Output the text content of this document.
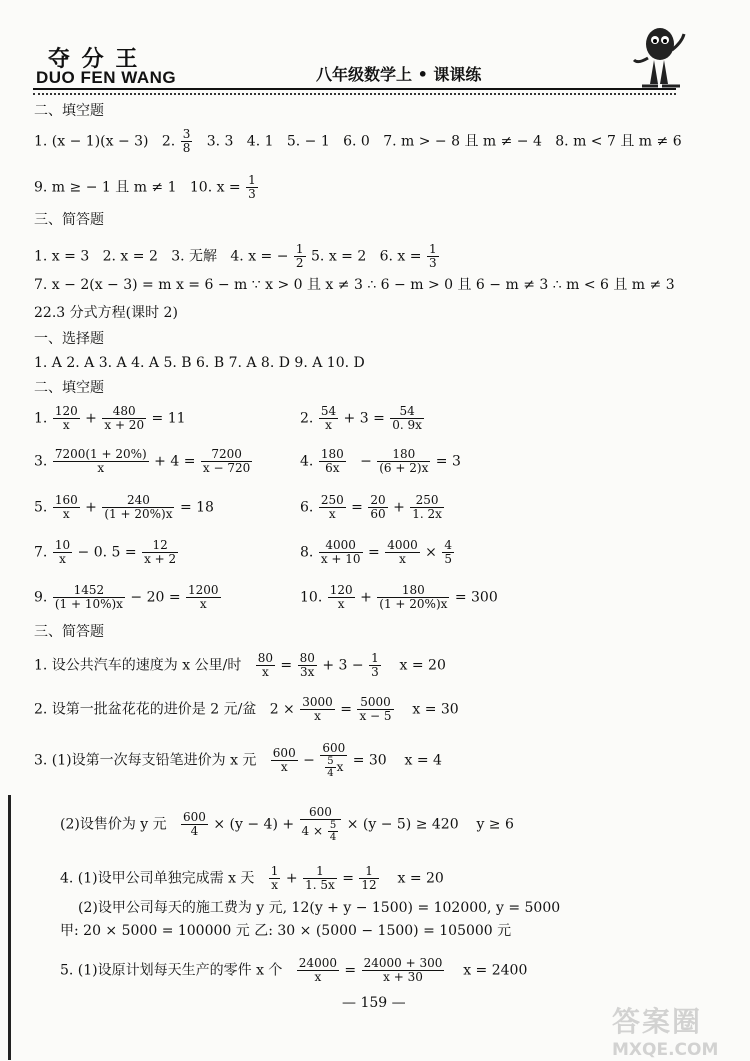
夺 分 王
DUO FEN WANG	八年级数学上 • 课课练
二、填空题
1. (x − 1)(x − 3) 2. $\frac{3}{8} 3$. 3 4. 1 5. − 1 6. 0 7. m > − 8 且 m ≠ − 4 8. m < 7 且 m ≠ 6
9. m ≥ − 1 且 m ≠ 1 10. $x = \frac{1}{3}$
三、简答题
1. x = 3 2. x = 2 3. 无解 4. x = − $\frac{1}{2} 5$. x = 2 6. $x = \frac{1}{3}$
7. x − 2(x − 3) = m x = 6 − m ∵ x > 0 且 x ≠ 3 ∴ 6 − m > 0 且 6 − m ≠ 3 ∴ m < 6 且 m ≠ 3
22.3 分式方程(课时 2)
一、选择题
1. A 2. A 3. A 4. A 5. B 6. B 7. A 8. D 9. A 10. D
二、填空题
1. $\frac{120}{x} + \frac{480}{x + 20} = 11$	2. $\frac{54}{x} + 3 = \frac{54}{0. 9x}$
3. $\frac{7200(1 + 20\%)}{x} + 4 = \frac{7200}{x - 720}$	4. $\frac{180}{6x} - \frac{180}{(6 + 2)x} = 3$
5. $\frac{160}{x} + \frac{240}{(1 + 20\%)x} = 18$	6. $\frac{250}{x} = \frac{20}{60} + \frac{250}{1. 2x}$
7. $\frac{10}{x} - 0$. $5 = \frac{12}{x + 2}$	8. $\frac{4000}{x + 10} = \frac{4000}{x} \times \frac{4}{5}$
9. $\frac{1452}{(1 + 10\%)x} - 20 = \frac{1200}{x}$	10. $\frac{120}{x} + \frac{180}{(1 + 20\%)x} = 300$
三、简答题
1. 设公共汽车的速度为 x 公里/时 $\frac{80}{x} = \frac{80}{3x} + 3 - \frac{1}{3}$ x = 20
2. 设第一批盆花花的进价是 2 元/盆 $2 \times \frac{3000}{x} = \frac{5000}{x - 5}$ x = 30
3. (1)设第一次每支铅笔进价为 x 元 $\frac{600}{x} - \frac{600}{\frac{5}{4} x} = 30$ x = 4
(2)设售价为 y 元 $\frac{600}{4} \times (y - 4) + \frac{600}{4 \times \frac{5}{4}} \times (y - 5) \ge 420$ y ≥ 6
4. (1)设甲公司单独完成需 x 天 $\frac{1}{x} + \frac{1}{1. 5x} = \frac{1}{12}$ x = 20
(2)设甲公司每天的施工费为 y 元, 12(y + y − 1500) = 102000, y = 5000
甲: 20 × 5000 = 100000 元 乙: 30 × (5000 − 1500) = 105000 元
5. (1)设原计划每天生产的零件 x 个 $\frac{24000}{x} = \frac{24000 + 300}{x + 30}$ x = 2400
— 159 —
答案圈
MXQE.COM
